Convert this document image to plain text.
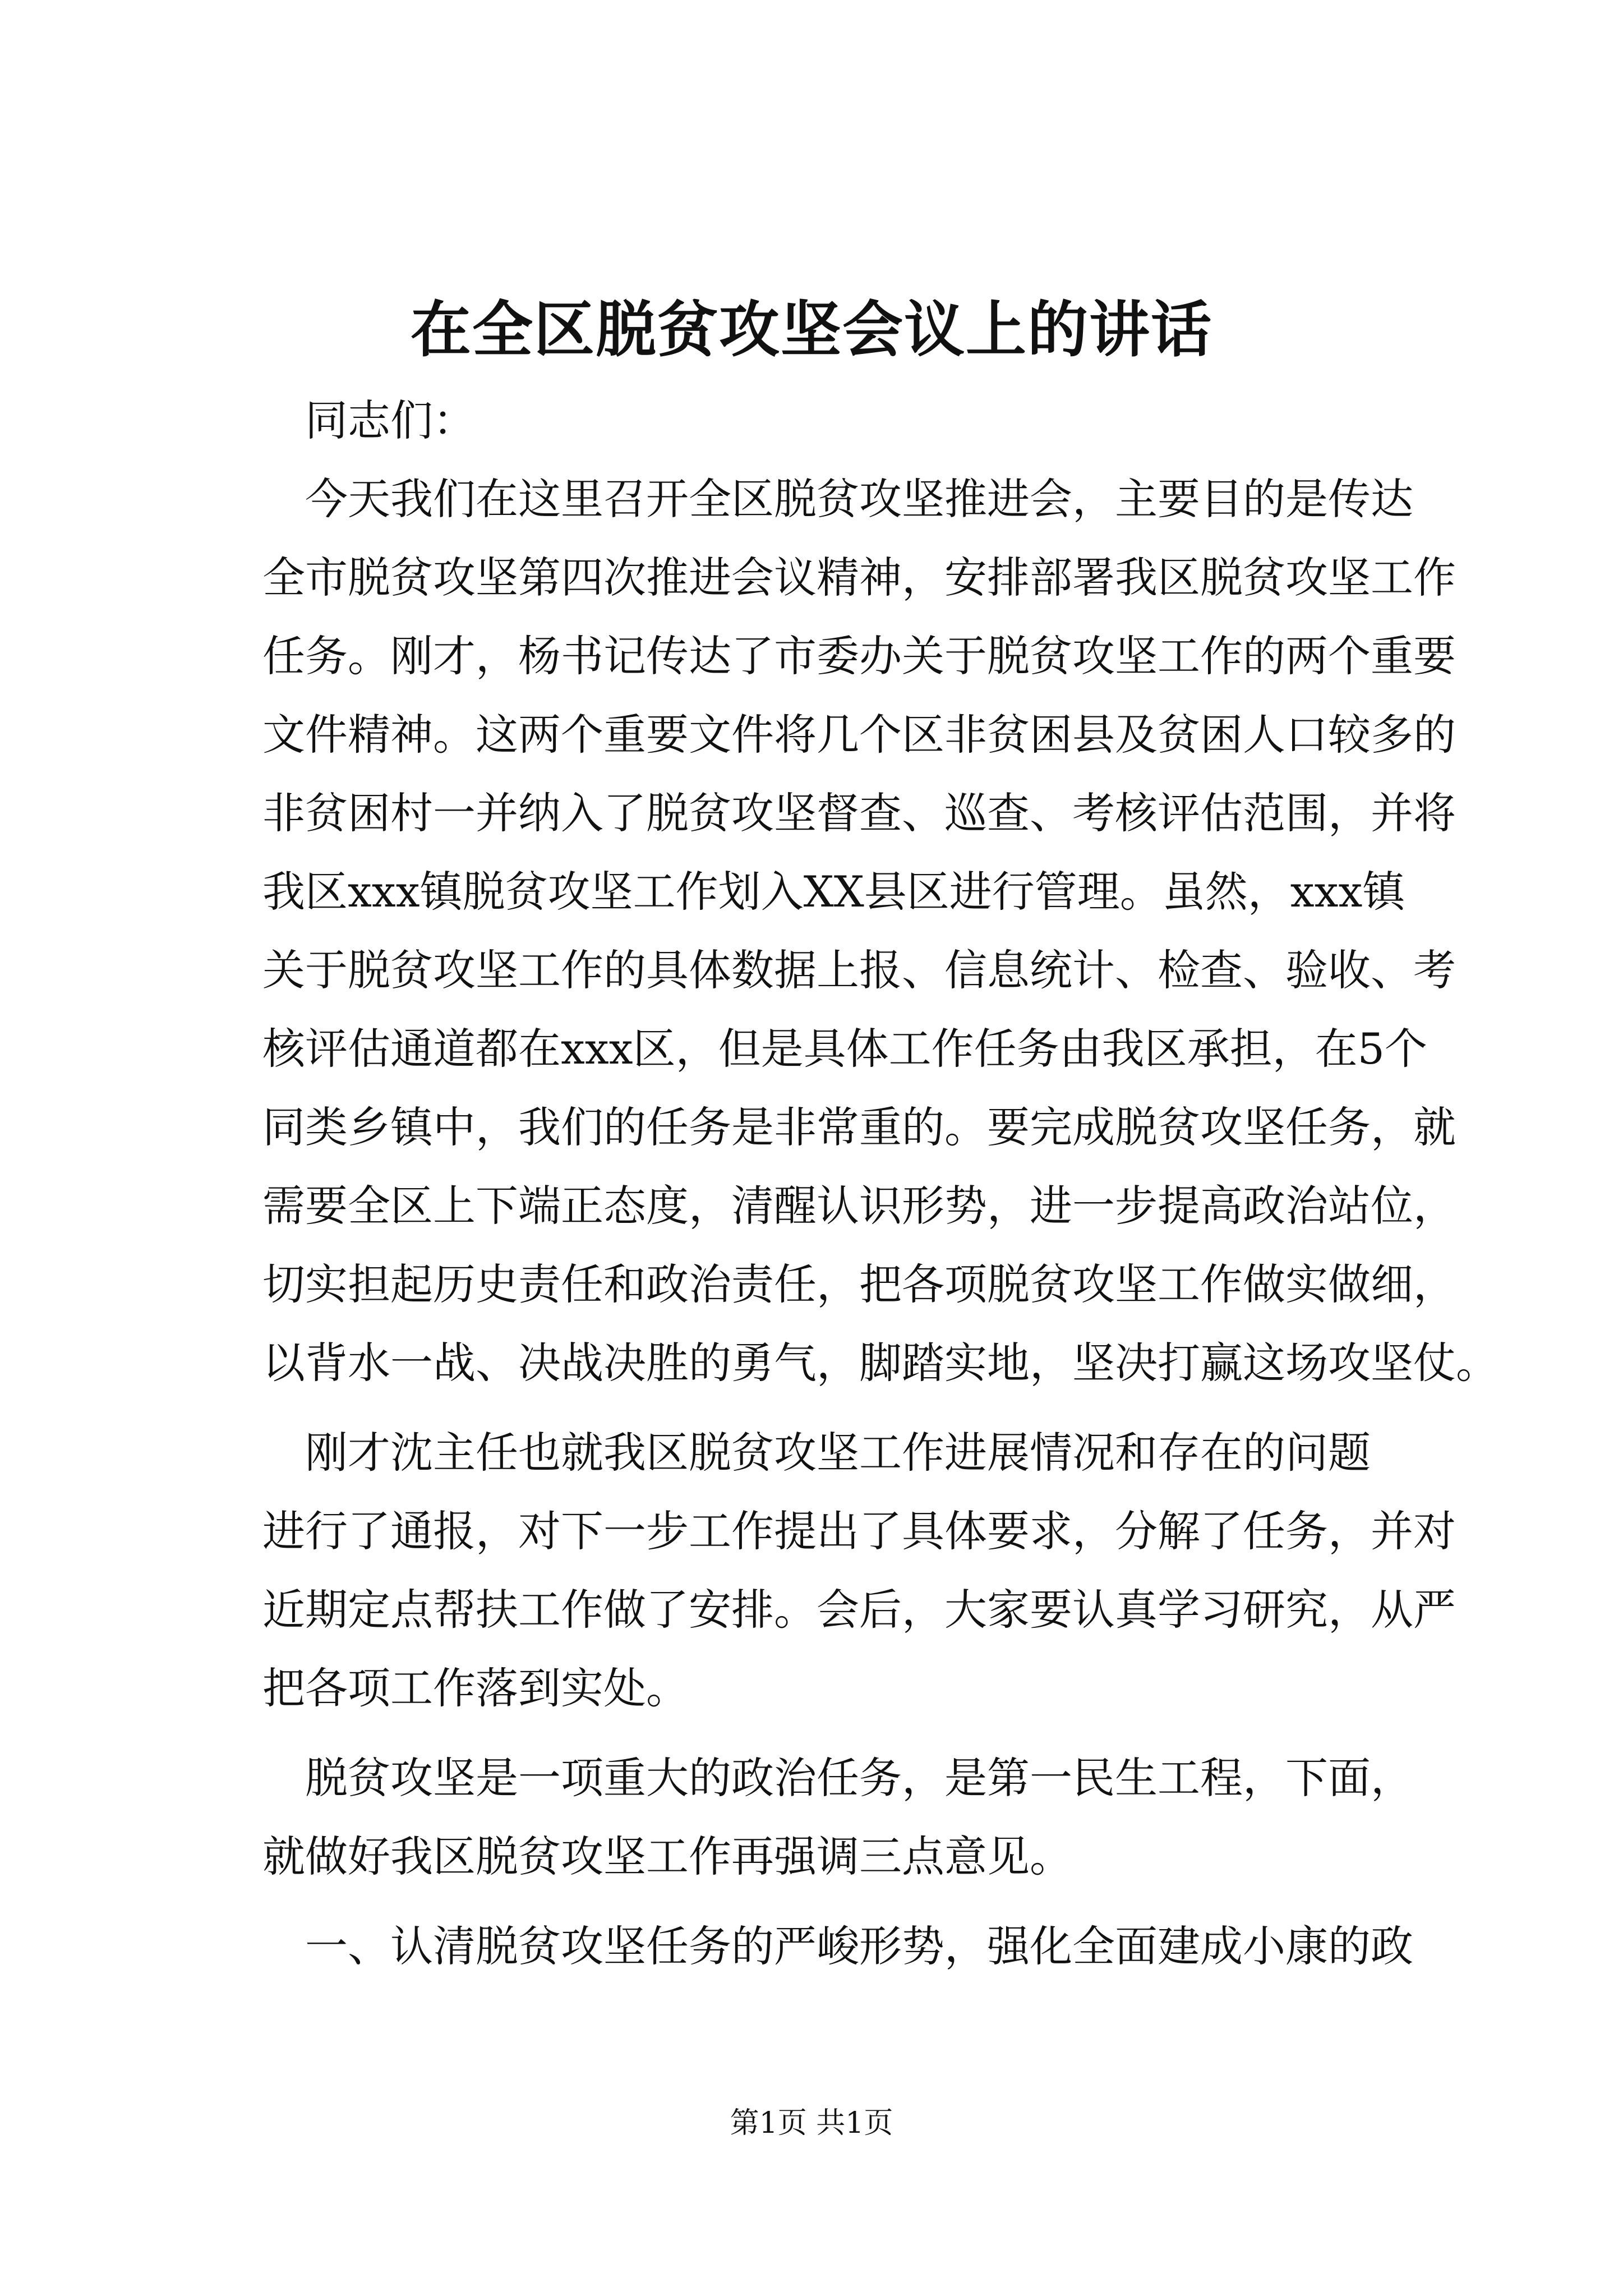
在全区脱贫攻坚会议上的讲话
同志们：
今天我们在这里召开全区脱贫攻坚推进会，主要目的是传达
全市脱贫攻坚第四次推进会议精神，安排部署我区脱贫攻坚工作
任务。刚才，杨书记传达了市委办关于脱贫攻坚工作的两个重要
文件精神。这两个重要文件将几个区非贫困县及贫困人口较多的
非贫困村一并纳入了脱贫攻坚督查、巡查、考核评估范围，并将
我区xxx镇脱贫攻坚工作划入XX县区进行管理。虽然，xxx镇
关于脱贫攻坚工作的具体数据上报、信息统计、检查、验收、考
核评估通道都在xxx区，但是具体工作任务由我区承担，在5个
同类乡镇中，我们的任务是非常重的。要完成脱贫攻坚任务，就
需要全区上下端正态度，清醒认识形势，进一步提高政治站位，
切实担起历史责任和政治责任，把各项脱贫攻坚工作做实做细，
以背水一战、决战决胜的勇气，脚踏实地，坚决打赢这场攻坚仗。
刚才沈主任也就我区脱贫攻坚工作进展情况和存在的问题
进行了通报，对下一步工作提出了具体要求，分解了任务，并对
近期定点帮扶工作做了安排。会后，大家要认真学习研究，从严
把各项工作落到实处。
脱贫攻坚是一项重大的政治任务，是第一民生工程，下面，
就做好我区脱贫攻坚工作再强调三点意见。
一、认清脱贫攻坚任务的严峻形势，强化全面建成小康的政
第1页 共1页
